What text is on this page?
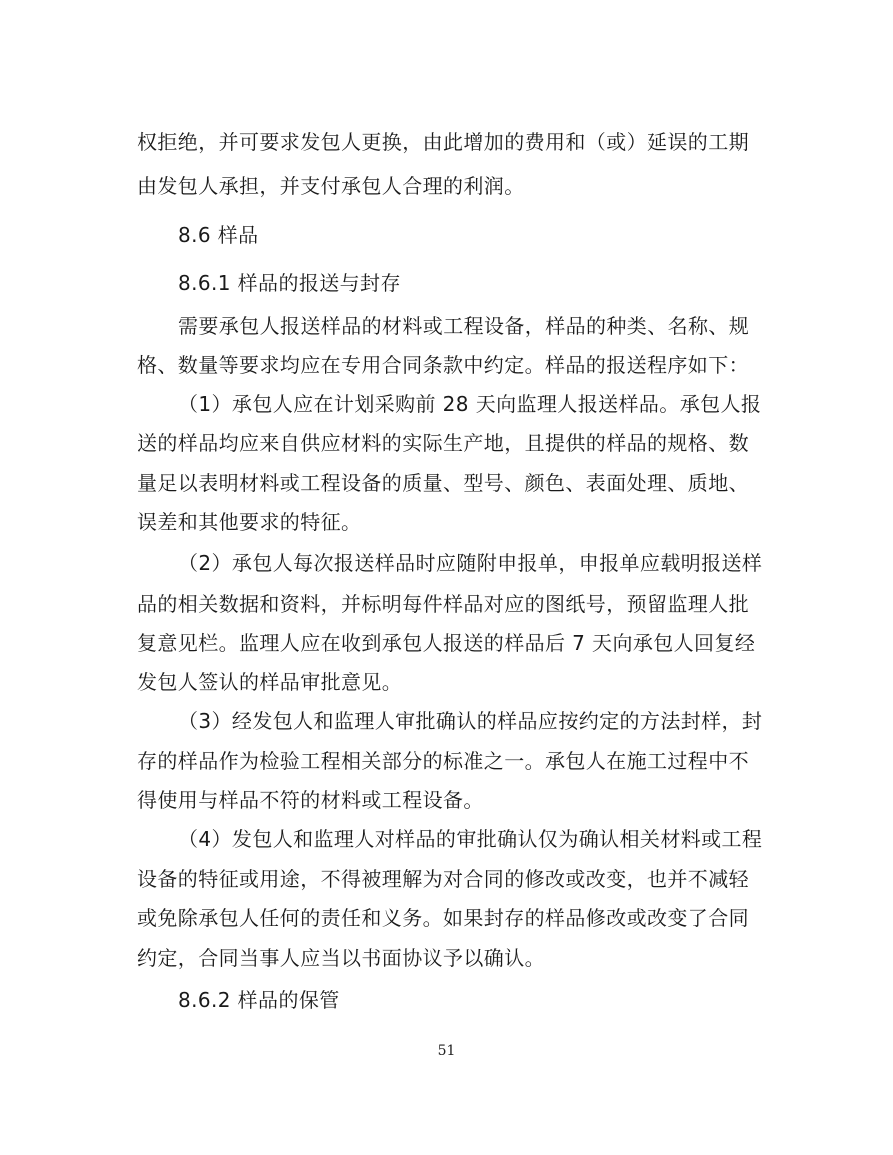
权拒绝，并可要求发包人更换，由此增加的费用和（或）延误的工期
由发包人承担，并支付承包人合理的利润。
8.6 样品
8.6.1 样品的报送与封存
需要承包人报送样品的材料或工程设备，样品的种类、名称、规
格、数量等要求均应在专用合同条款中约定。样品的报送程序如下：
（1）承包人应在计划采购前 28 天向监理人报送样品。承包人报
送的样品均应来自供应材料的实际生产地，且提供的样品的规格、数
量足以表明材料或工程设备的质量、型号、颜色、表面处理、质地、
误差和其他要求的特征。
（2）承包人每次报送样品时应随附申报单，申报单应载明报送样
品的相关数据和资料，并标明每件样品对应的图纸号，预留监理人批
复意见栏。监理人应在收到承包人报送的样品后 7 天向承包人回复经
发包人签认的样品审批意见。
（3）经发包人和监理人审批确认的样品应按约定的方法封样，封
存的样品作为检验工程相关部分的标准之一。承包人在施工过程中不
得使用与样品不符的材料或工程设备。
（4）发包人和监理人对样品的审批确认仅为确认相关材料或工程
设备的特征或用途，不得被理解为对合同的修改或改变，也并不减轻
或免除承包人任何的责任和义务。如果封存的样品修改或改变了合同
约定，合同当事人应当以书面协议予以确认。
8.6.2 样品的保管
51
